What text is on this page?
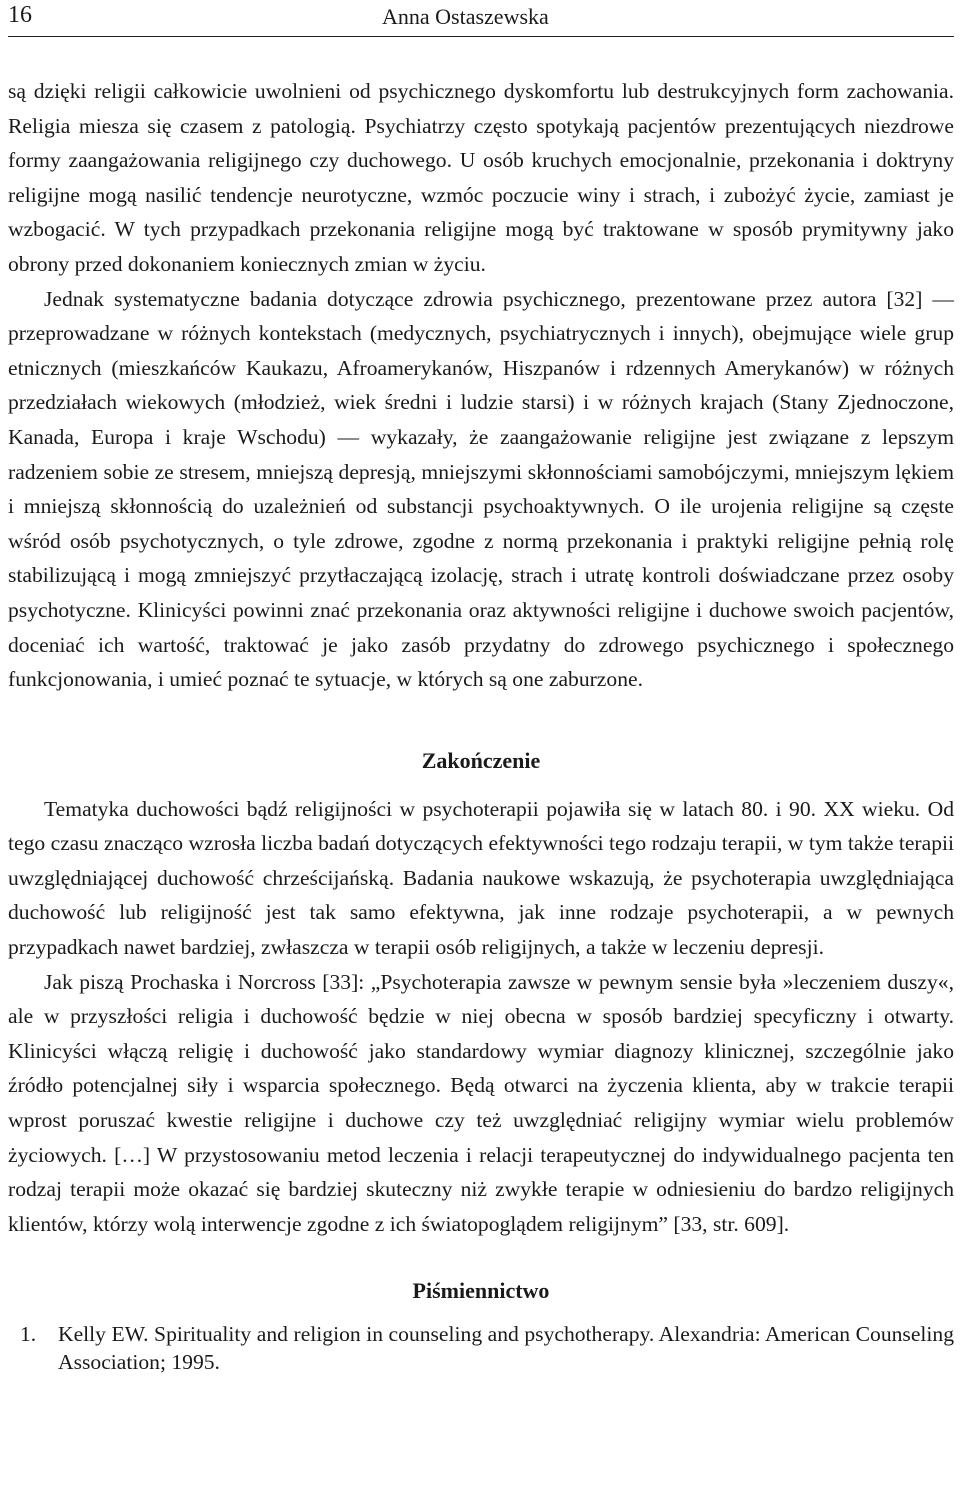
16	Anna Ostaszewska

są dzięki religii całkowicie uwolnieni od psychicznego dyskomfortu lub destrukcyjnych form zachowania. Religia miesza się czasem z patologią. Psychiatrzy często spotykają pacjentów prezentujących niezdrowe formy zaangażowania religijnego czy duchowego. U osób kruchych emocjonalnie, przekonania i doktryny religijne mogą nasilić tendencje neurotyczne, wzmóc poczucie winy i strach, i zubożyć życie, zamiast je wzbogacić. W tych przypadkach przekonania religijne mogą być traktowane w sposób prymitywny jako obrony przed dokonaniem koniecznych zmian w życiu.

Jednak systematyczne badania dotyczące zdrowia psychicznego, prezentowane przez autora [32] — przeprowadzane w różnych kontekstach (medycznych, psychiatrycznych i innych), obejmujące wiele grup etnicznych (mieszkańców Kaukazu, Afroamerykanów, Hiszpanów i rdzennych Amerykanów) w różnych przedziałach wiekowych (młodzież, wiek średni i ludzie starsi) i w różnych krajach (Stany Zjednoczone, Kanada, Europa i kraje Wschodu) — wykazały, że zaangażowanie religijne jest związane z lepszym radzeniem sobie ze stresem, mniejszą depresją, mniejszymi skłonnościami samobójczymi, mniejszym lękiem i mniejszą skłonnością do uzależnień od substancji psychoaktywnych. O ile urojenia religijne są częste wśród osób psychotycznych, o tyle zdrowe, zgodne z normą przekonania i praktyki religijne pełnią rolę stabilizującą i mogą zmniejszyć przytłaczającą izolację, strach i utratę kontroli doświadczane przez osoby psychotyczne. Klinicyści powinni znać przekonania oraz aktywności religijne i duchowe swoich pacjentów, doceniać ich wartość, traktować je jako zasób przydatny do zdrowego psychicznego i społecznego funkcjonowania, i umieć poznać te sytuacje, w których są one zaburzone.

Zakończenie

Tematyka duchowości bądź religijności w psychoterapii pojawiła się w latach 80. i 90. XX wieku. Od tego czasu znacząco wzrosła liczba badań dotyczących efektywności tego rodzaju terapii, w tym także terapii uwzględniającej duchowość chrześcijańską. Badania naukowe wskazują, że psychoterapia uwzględniająca duchowość lub religijność jest tak samo efektywna, jak inne rodzaje psychoterapii, a w pewnych przypadkach nawet bardziej, zwłaszcza w terapii osób religijnych, a także w leczeniu depresji.

Jak piszą Prochaska i Norcross [33]: „Psychoterapia zawsze w pewnym sensie była »leczeniem duszy«, ale w przyszłości religia i duchowość będzie w niej obecna w sposób bardziej specyficzny i otwarty. Klinicyści włączą religię i duchowość jako standardowy wymiar diagnozy klinicznej, szczególnie jako źródło potencjalnej siły i wsparcia społecznego. Będą otwarci na życzenia klienta, aby w trakcie terapii wprost poruszać kwestie religijne i duchowe czy też uwzględniać religijny wymiar wielu problemów życiowych. […] W przystosowaniu metod leczenia i relacji terapeutycznej do indywidualnego pacjenta ten rodzaj terapii może okazać się bardziej skuteczny niż zwykłe terapie w odniesieniu do bardzo religijnych klientów, którzy wolą interwencje zgodne z ich światopoglądem religijnym” [33, str. 609].

Piśmiennictwo
1.	Kelly EW. Spirituality and religion in counseling and psychotherapy. Alexandria: American Counseling Association; 1995.
